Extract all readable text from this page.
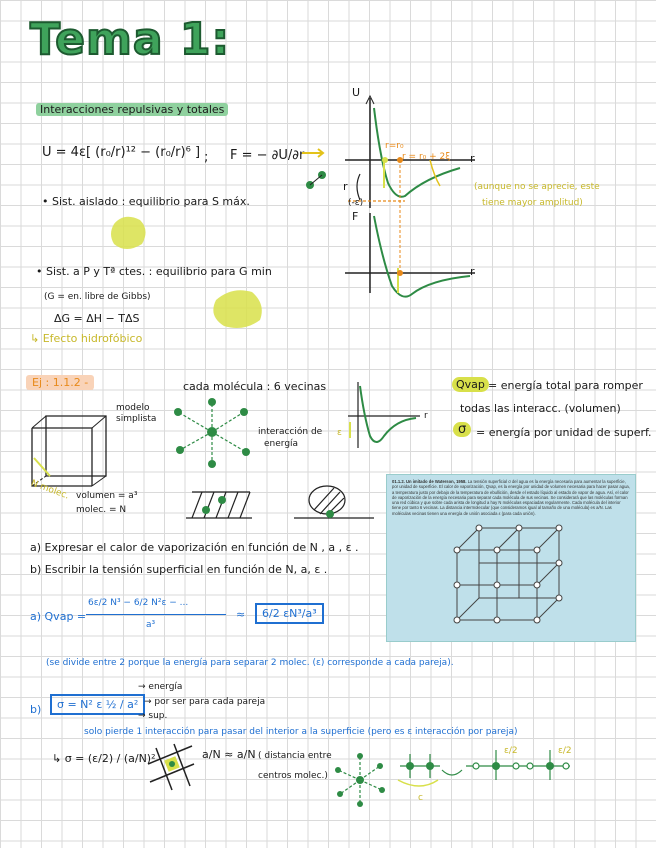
Tema 1:
Interacciones repulsivas y totales
U = 4ε[ (r₀/r)¹² − (r₀/r)⁶ ] ; F = − ∂U/∂r
U
F
r
r
r
(-ε)
r=r₀
r = r₀ + 2ξ
(aunque no se aprecie, este
tiene mayor amplitud)
• Sist. aislado : equilibrio para S máx.
• Sist. a P y Tª ctes. : equilibrio para G min
(G = en. libre de Gibbs)
ΔG = ΔH − TΔS
↳ Efecto hidrofóbico
Ej : 1.1.2 -
modelo
simplista
N molec. volumen = a³
molec. = N
cada molécula : 6 vecinas
interacción de
energía
ε
r
Qvap = energía total para romper
todas las interacc. (volumen)
σ = energía por unidad de superf.

01.1.2. Un imitado de Waterson, 1958. La tensión superficial σ del agua es la energía necesaria para aumentar la superficie, por unidad de superficie. El calor de vaporización, Qvap, es la energía por unidad de volumen necesaria para hacer pasar agua, a temperatura justo por debajo de la temperatura de ebullición, desde el estado líquido al estado de vapor de agua. Así, el calor de vaporización de la energía necesaria para separar cada molécula de sus vecinas. Se considerará que las moléculas forman una red cúbica y que sobre cada arista de longitud a hay N moléculas espaciadas regularmente. Cada molécula del interior tiene por tanto 6 vecinas. La distancia intermolecular (que consideramos igual al tamaño de una molécula) es a/N. Las moléculas vecinas tienen una energía de unión asociada ε (para cada unión).

a) Expresar el calor de vaporización en función de N , a , ε .
b) Escribir la tensión superficial en función de N, a, ε .
a) Qvap =
6ε/2 N³ − 6/2 N²ε − ...
a³
≈	6/2 εN³/a³
(se divide entre 2 porque la energía para separar 2 molec. (ε) corresponde a cada pareja).
b)	σ = N² ε ½ / a²
→ energía
→ por ser para cada pareja
→ sup.
solo pierde 1 interacción para pasar del interior a la superficie (pero es ε interacción por pareja)
↳ σ = (ε/2) / (a/N)²	a/N ≈ a/N ( distancia entre
centros molec.)
ε/2	ε/2
c
